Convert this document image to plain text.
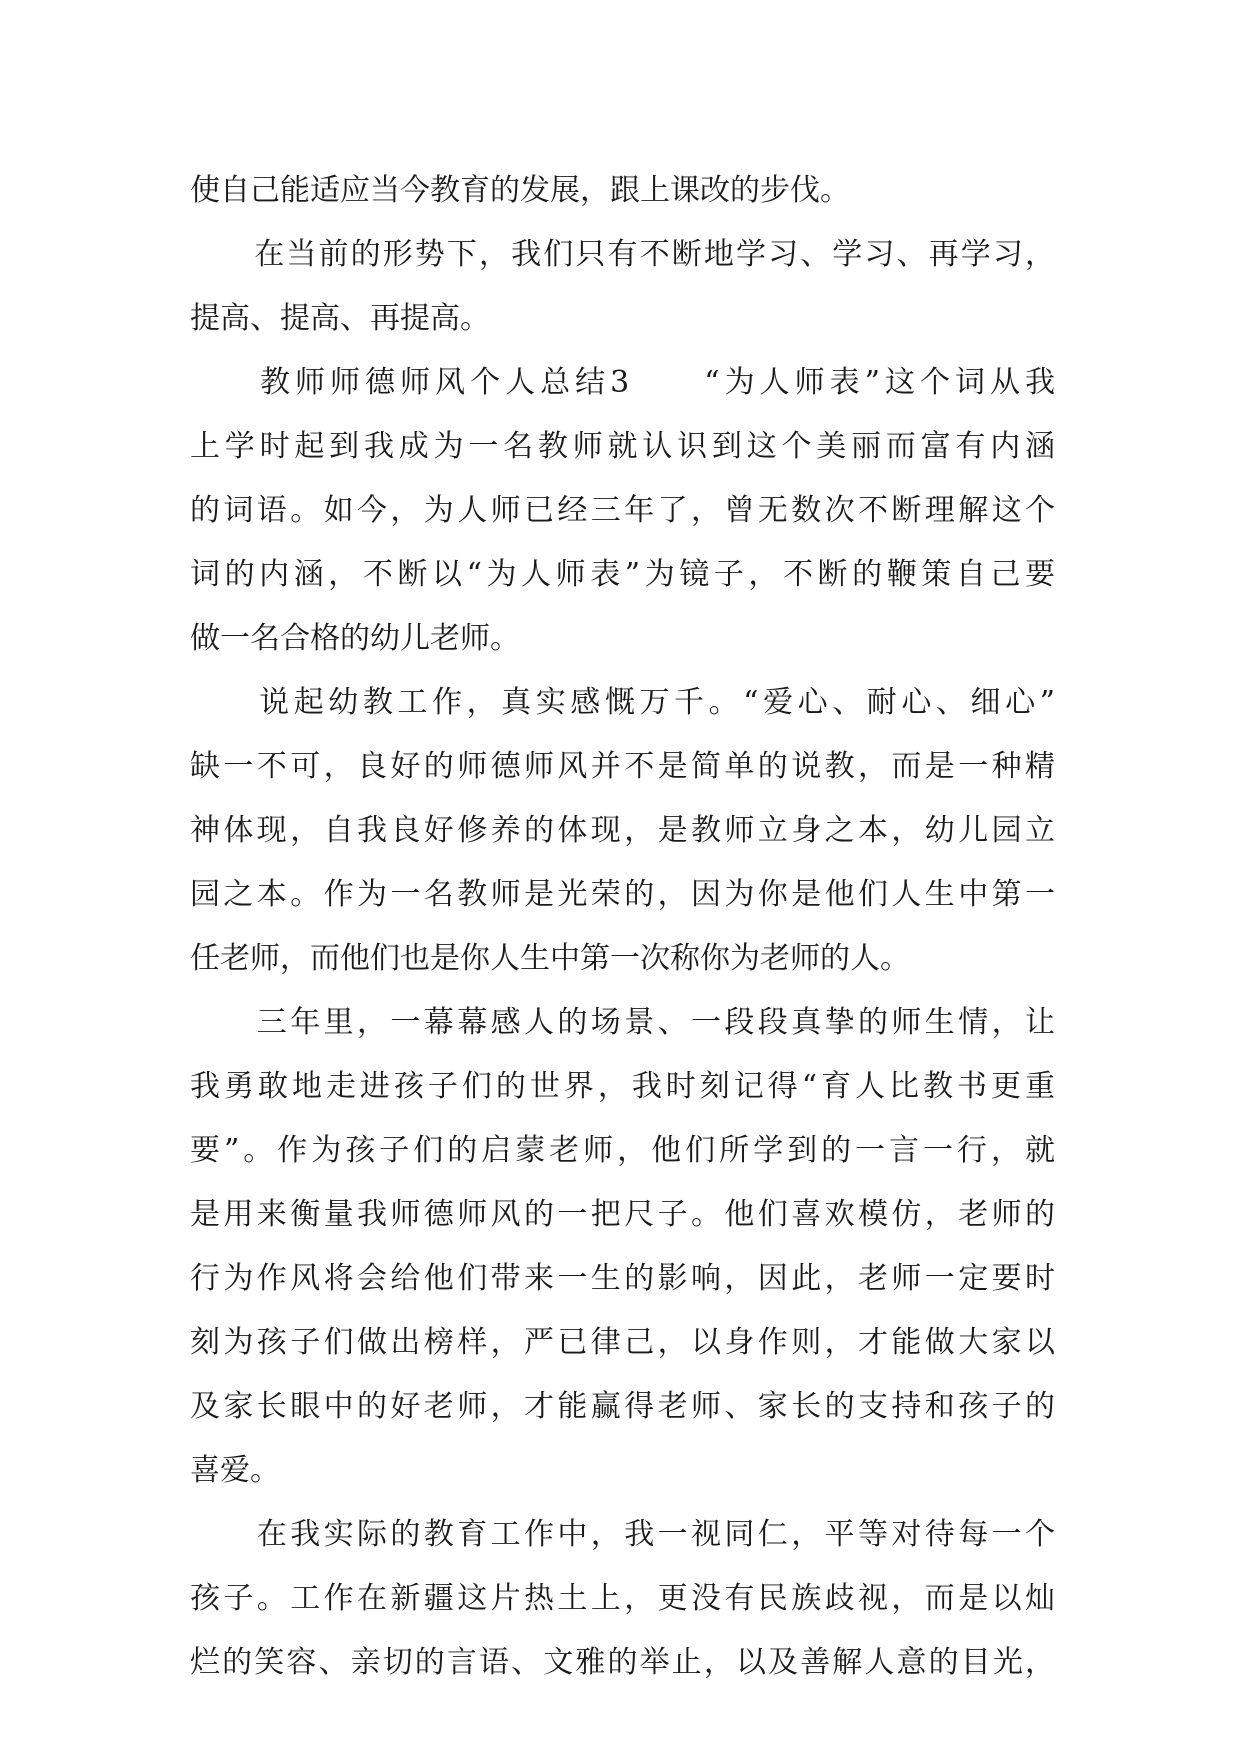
使自己能适应当今教育的发展，跟上课改的步伐。
　　在当前的形势下，我们只有不断地学习、学习、再学习，
提高、提高、再提高。
　　教师师德师风个人总结3　　“为人师表”这个词从我
上学时起到我成为一名教师就认识到这个美丽而富有内涵
的词语。如今，为人师已经三年了，曾无数次不断理解这个
词的内涵，不断以“为人师表”为镜子，不断的鞭策自己要
做一名合格的幼儿老师。
　　说起幼教工作，真实感慨万千。“爱心、耐心、细心”
缺一不可，良好的师德师风并不是简单的说教，而是一种精
神体现，自我良好修养的体现，是教师立身之本，幼儿园立
园之本。作为一名教师是光荣的，因为你是他们人生中第一
任老师，而他们也是你人生中第一次称你为老师的人。
　　三年里，一幕幕感人的场景、一段段真挚的师生情，让
我勇敢地走进孩子们的世界，我时刻记得“育人比教书更重
要”。作为孩子们的启蒙老师，他们所学到的一言一行，就
是用来衡量我师德师风的一把尺子。他们喜欢模仿，老师的
行为作风将会给他们带来一生的影响，因此，老师一定要时
刻为孩子们做出榜样，严已律己，以身作则，才能做大家以
及家长眼中的好老师，才能赢得老师、家长的支持和孩子的
喜爱。
　　在我实际的教育工作中，我一视同仁，平等对待每一个
孩子。工作在新疆这片热土上，更没有民族歧视，而是以灿
烂的笑容、亲切的言语、文雅的举止，以及善解人意的目光，
